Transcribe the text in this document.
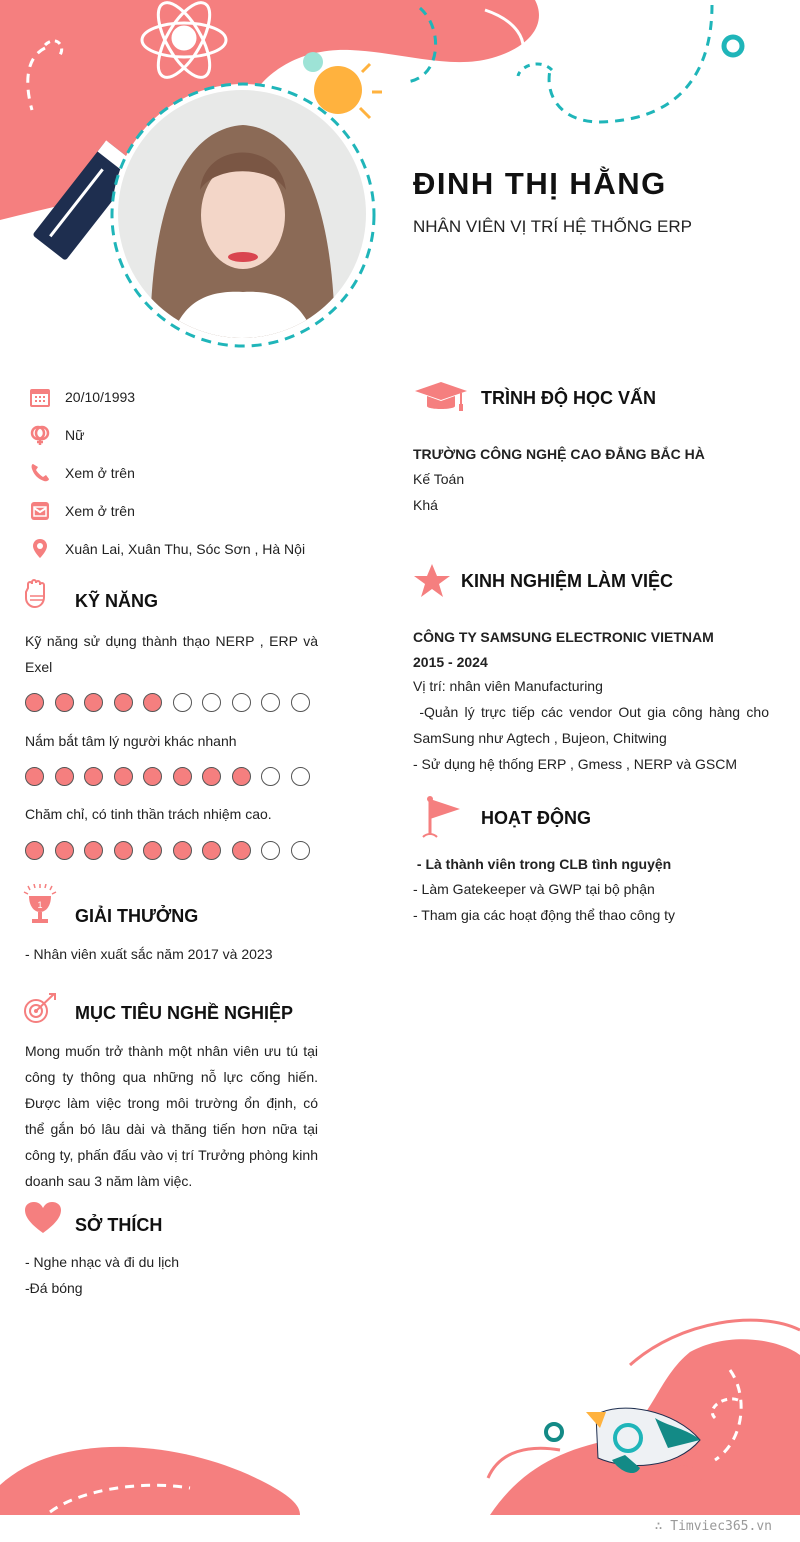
ĐINH THỊ HẰNG
NHÂN VIÊN VỊ TRÍ HỆ THỐNG ERP
20/10/1993
Nữ
Xem ở trên
Xem ở trên
Xuân Lai, Xuân Thu, Sóc Sơn , Hà Nội
KỸ NĂNG
Kỹ năng sử dụng thành thạo NERP , ERP và Exel
Nắm bắt tâm lý người khác nhanh
Chăm chỉ, có tinh thần trách nhiệm cao.
1
GIẢI THƯỞNG
- Nhân viên xuất sắc năm 2017 và 2023
MỤC TIÊU NGHỀ NGHIỆP
Mong muốn trở thành một nhân viên ưu tú tại công ty thông qua những nỗ lực cống hiến. Được làm việc trong môi trường ổn định, có thể gắn bó lâu dài và thăng tiến hơn nữa tại công ty, phấn đấu vào vị trí Trưởng phòng kinh doanh sau 3 năm làm việc.
SỞ THÍCH
- Nghe nhạc và đi du lịch
-Đá bóng
TRÌNH ĐỘ HỌC VẤN
TRƯỜNG CÔNG NGHỆ CAO ĐẲNG BẮC HÀ
Kế Toán
Khá
KINH NGHIỆM LÀM VIỆC
CÔNG TY SAMSUNG ELECTRONIC VIETNAM
2015 - 2024
Vị trí: nhân viên Manufacturing
-Quản lý trực tiếp các vendor Out gia công hàng cho SamSung như Agtech , Bujeon, Chitwing
- Sử dụng hệ thống ERP , Gmess , NERP và GSCM
HOẠT ĐỘNG
- Là thành viên trong CLB tình nguyện
- Làm Gatekeeper và GWP tại bộ phận
- Tham gia các hoạt động thể thao công ty
∴ Timviec365.vn
